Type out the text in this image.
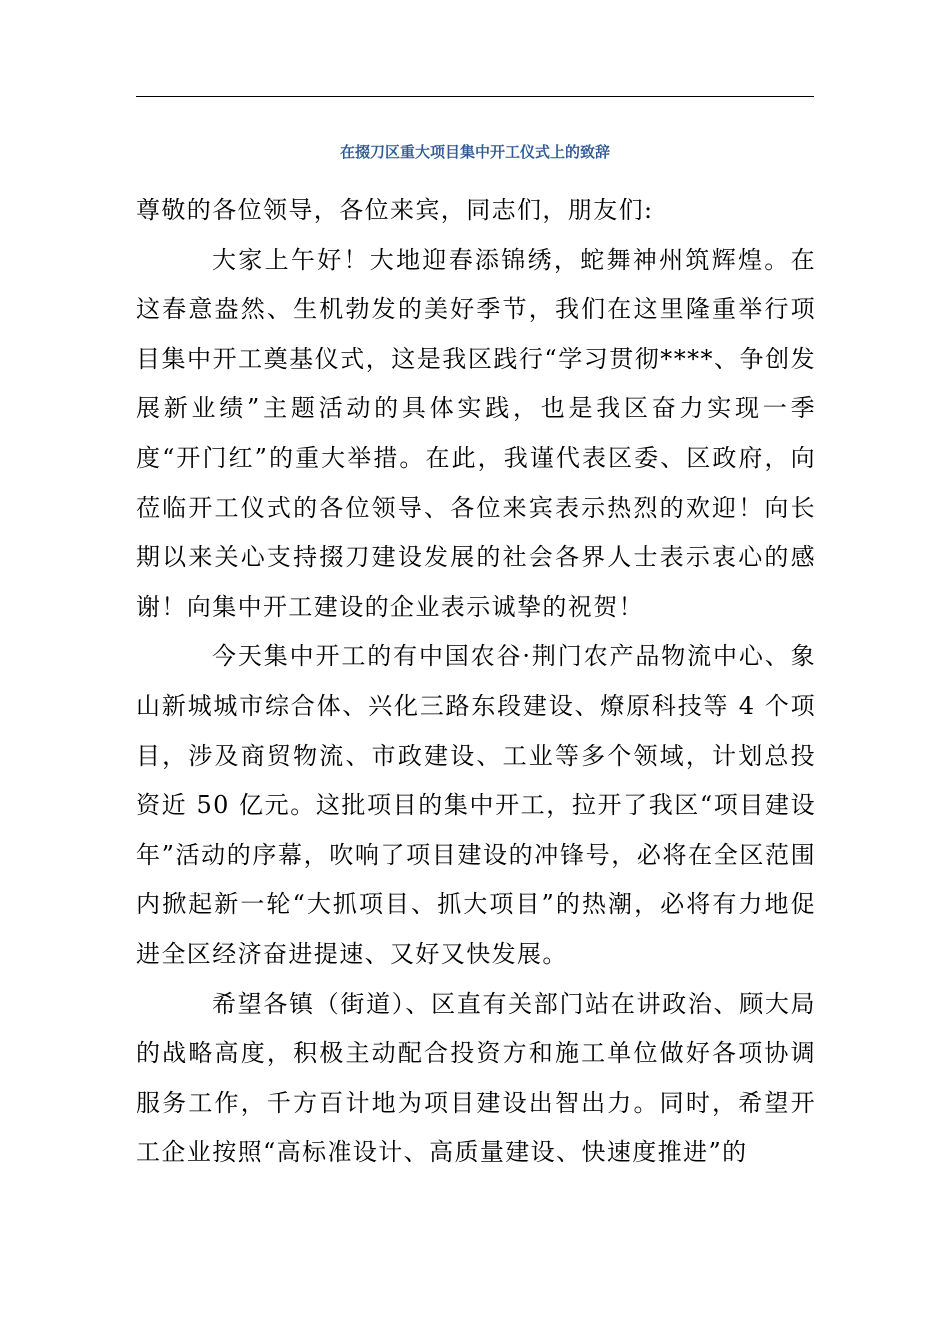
在掇刀区重大项目集中开工仪式上的致辞

尊敬的各位领导，各位来宾，同志们，朋友们:

大家上午好！大地迎春添锦绣，蛇舞神州筑辉煌。在这春意盎然、生机勃发的美好季节，我们在这里隆重举行项目集中开工奠基仪式，这是我区践行“学习贯彻****、争创发展新业绩”主题活动的具体实践，也是我区奋力实现一季度“开门红”的重大举措。在此，我谨代表区委、区政府，向莅临开工仪式的各位领导、各位来宾表示热烈的欢迎！向长期以来关心支持掇刀建设发展的社会各界人士表示衷心的感谢！向集中开工建设的企业表示诚挚的祝贺！

今天集中开工的有中国农谷·荆门农产品物流中心、象山新城城市综合体、兴化三路东段建设、燎原科技等 4 个项目，涉及商贸物流、市政建设、工业等多个领域，计划总投资近 50 亿元。这批项目的集中开工，拉开了我区“项目建设年”活动的序幕，吹响了项目建设的冲锋号，必将在全区范围内掀起新一轮“大抓项目、抓大项目”的热潮，必将有力地促进全区经济奋进提速、又好又快发展。

希望各镇（街道）、区直有关部门站在讲政治、顾大局的战略高度，积极主动配合投资方和施工单位做好各项协调服务工作，千方百计地为项目建设出智出力。同时，希望开工企业按照“高标准设计、高质量建设、快速度推进”的
